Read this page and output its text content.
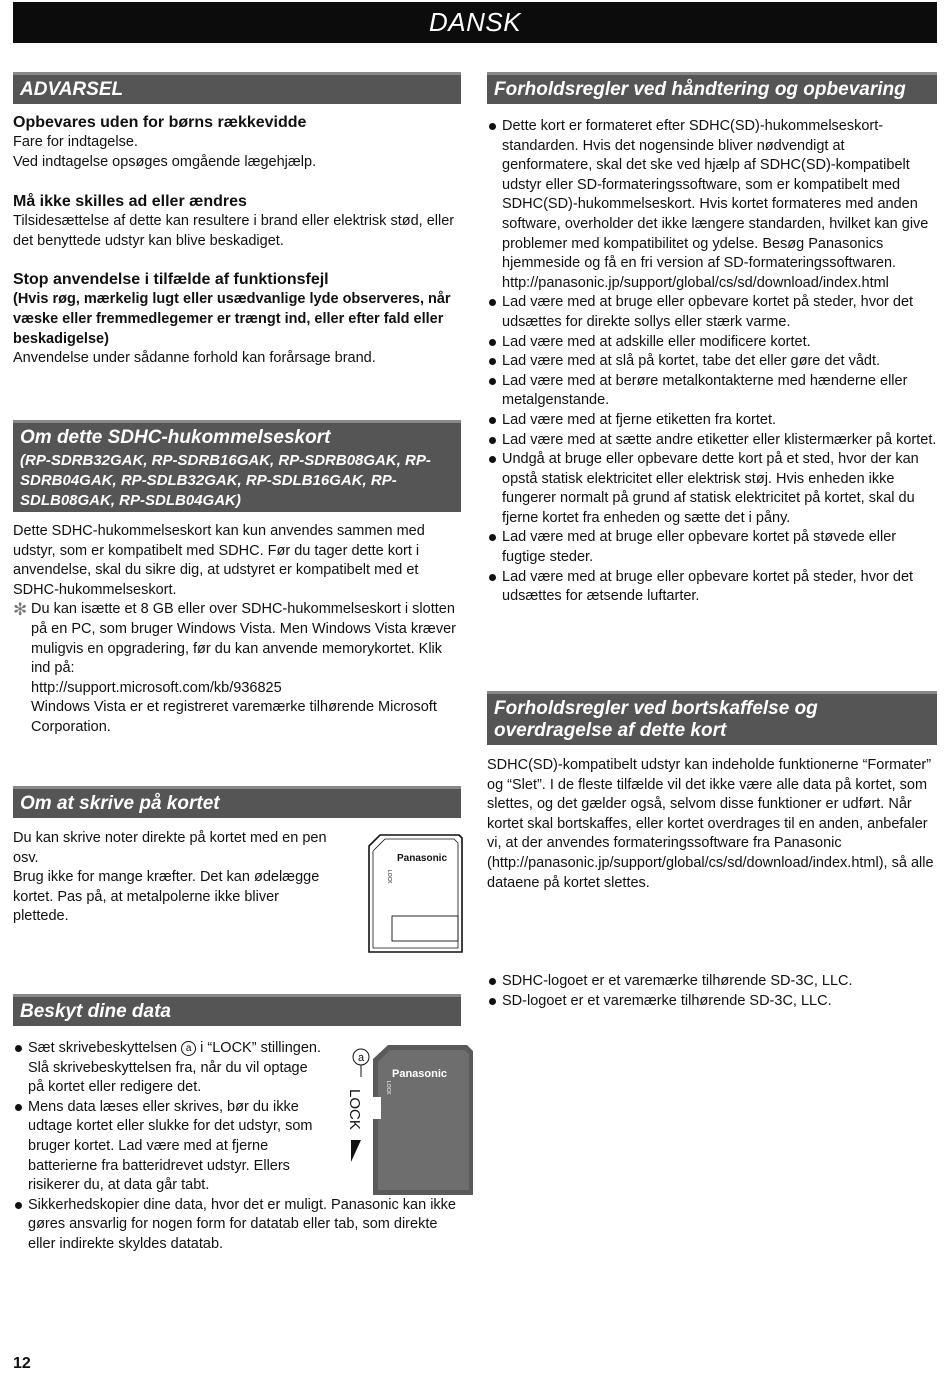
DANSK
ADVARSEL

Opbevares uden for børns rækkevidde

Fare for indtagelse.

Ved indtagelse opsøges omgående lægehjælp.

Må ikke skilles ad eller ændres

Tilsidesættelse af dette kan resultere i brand eller elektrisk stød, eller det benyttede udstyr kan blive beskadiget.

Stop anvendelse i tilfælde af funktionsfejl

(Hvis røg, mærkelig lugt eller usædvanlige lyde observeres, når væske eller fremmedlegemer er trængt ind, eller efter fald eller beskadigelse)

Anvendelse under sådanne forhold kan forårsage brand.

Om dette SDHC-hukommelseskort
(RP-SDRB32GAK, RP-SDRB16GAK, RP-SDRB08GAK, RP-SDRB04GAK, RP-SDLB32GAK, RP-SDLB16GAK, RP-SDLB08GAK, RP-SDLB04GAK)

Dette SDHC-hukommelseskort kan kun anvendes sammen med udstyr, som er kompatibelt med SDHC. Før du tager dette kort i anvendelse, skal du sikre dig, at udstyret er kompatibelt med et SDHC-hukommelseskort.

✻ Du kan isætte et 8 GB eller over SDHC-hukommelseskort i slotten på en PC, som bruger Windows Vista. Men Windows Vista kræver muligvis en opgradering, før du kan anvende memorykortet. Klik ind på:

http://support.microsoft.com/kb/936825

Windows Vista er et registreret varemærke tilhørende Microsoft Corporation.

Om at skrive på kortet

Du kan skrive noter direkte på kortet med en pen osv.

Brug ikke for mange kræfter. Det kan ødelægge kortet. Pas på, at metalpolerne ikke bliver plettede.

Panasonic
LOCK
Beskyt dine data
Sæt skrivebeskyttelsen a i “LOCK” stillingen. Slå skrivebeskyttelsen fra, når du vil optage på kortet eller redigere det.
Mens data læses eller skrives, bør du ikke udtage kortet eller slukke for det udstyr, som bruger kortet. Lad være med at fjerne batterierne fra batteridrevet udstyr. Ellers risikerer du, at data går tabt.
Sikkerhedskopier dine data, hvor det er muligt. Panasonic kan ikke gøres ansvarlig for nogen form for datatab eller tab, som direkte eller indirekte skyldes datatab.
a
Panasonic
LOCK
LOCK
Forholdsregler ved håndtering og opbevaring
Dette kort er formateret efter SDHC(SD)-hukommelseskort-standarden. Hvis det nogensinde bliver nødvendigt at genformatere, skal det ske ved hjælp af SDHC(SD)-kompatibelt udstyr eller SD-formateringssoftware, som er kompatibelt med SDHC(SD)-hukommelseskort. Hvis kortet formateres med anden software, overholder det ikke længere standarden, hvilket kan give problemer med kompatibilitet og ydelse. Besøg Panasonics hjemmeside og få en fri version af SD-formateringssoftwaren.
http://panasonic.jp/support/global/cs/sd/download/index.html
Lad være med at bruge eller opbevare kortet på steder, hvor det udsættes for direkte sollys eller stærk varme.
Lad være med at adskille eller modificere kortet.
Lad være med at slå på kortet, tabe det eller gøre det vådt.
Lad være med at berøre metalkontakterne med hænderne eller metalgenstande.
Lad være med at fjerne etiketten fra kortet.
Lad være med at sætte andre etiketter eller klistermærker på kortet.
Undgå at bruge eller opbevare dette kort på et sted, hvor der kan opstå statisk elektricitet eller elektrisk støj. Hvis enheden ikke fungerer normalt på grund af statisk elektricitet på kortet, skal du fjerne kortet fra enheden og sætte det i påny.
Lad være med at bruge eller opbevare kortet på støvede eller fugtige steder.
Lad være med at bruge eller opbevare kortet på steder, hvor det udsættes for ætsende luftarter.
Forholdsregler ved bortskaffelse og overdragelse af dette kort

SDHC(SD)-kompatibelt udstyr kan indeholde funktionerne “Formater” og “Slet”. I de fleste tilfælde vil det ikke være alle data på kortet, som slettes, og det gælder også, selvom disse funktioner er udført. Når kortet skal bortskaffes, eller kortet overdrages til en anden, anbefaler vi, at der anvendes formateringssoftware fra Panasonic (http://panasonic.jp/support/global/cs/sd/download/index.html), så alle dataene på kortet slettes.

SDHC-logoet er et varemærke tilhørende SD-3C, LLC.
SD-logoet er et varemærke tilhørende SD-3C, LLC.
12
